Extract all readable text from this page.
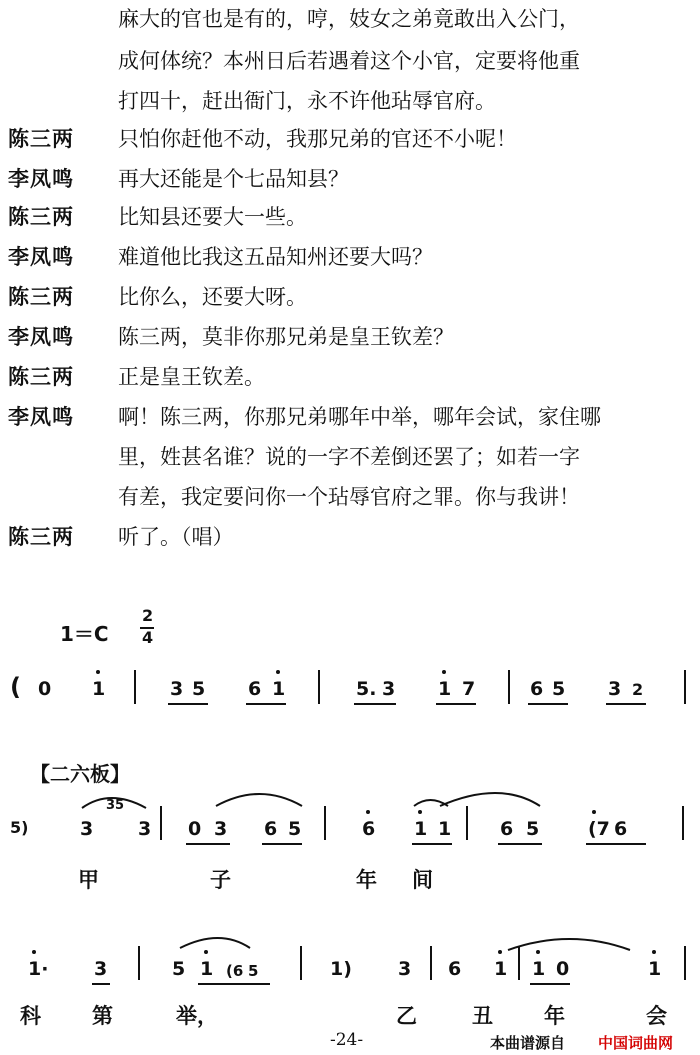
麻大的官也是有的，哼，妓女之弟竟敢出入公门，
成何体统？本州日后若遇着这个小官，定要将他重
打四十，赶出衙门，永不许他玷辱官府。
陈三两 只怕你赶他不动，我那兄弟的官还不小呢！
李凤鸣 再大还能是个七品知县？
陈三两 比知县还要大一些。
李凤鸣 难道他比我这五品知州还要大吗？
陈三两 比你么，还要大呀。
李凤鸣 陈三两，莫非你那兄弟是皇王钦差？
陈三两 正是皇王钦差。
李凤鸣 啊！陈三两，你那兄弟哪年中举，哪年会试，家住哪
里，姓甚名谁？说的一字不差倒还罢了；如若一字
有差，我定要问你一个玷辱官府之罪。你与我讲！
陈三两 听了。（唱）
1＝C
2
4
( 0 1	3 5 6 1	5. 3 1 7	6 5 3 2
【二六板】
5)	3
3 5
3 0 3 6 5	6 1 1	6 5	(7 6
甲	子	年 间
1· 3	5 1 (6 5	1) 3 6 1 1 0	1
科 第	举，	乙	丑 年	会
-24-	本曲谱源自 中国词曲网
